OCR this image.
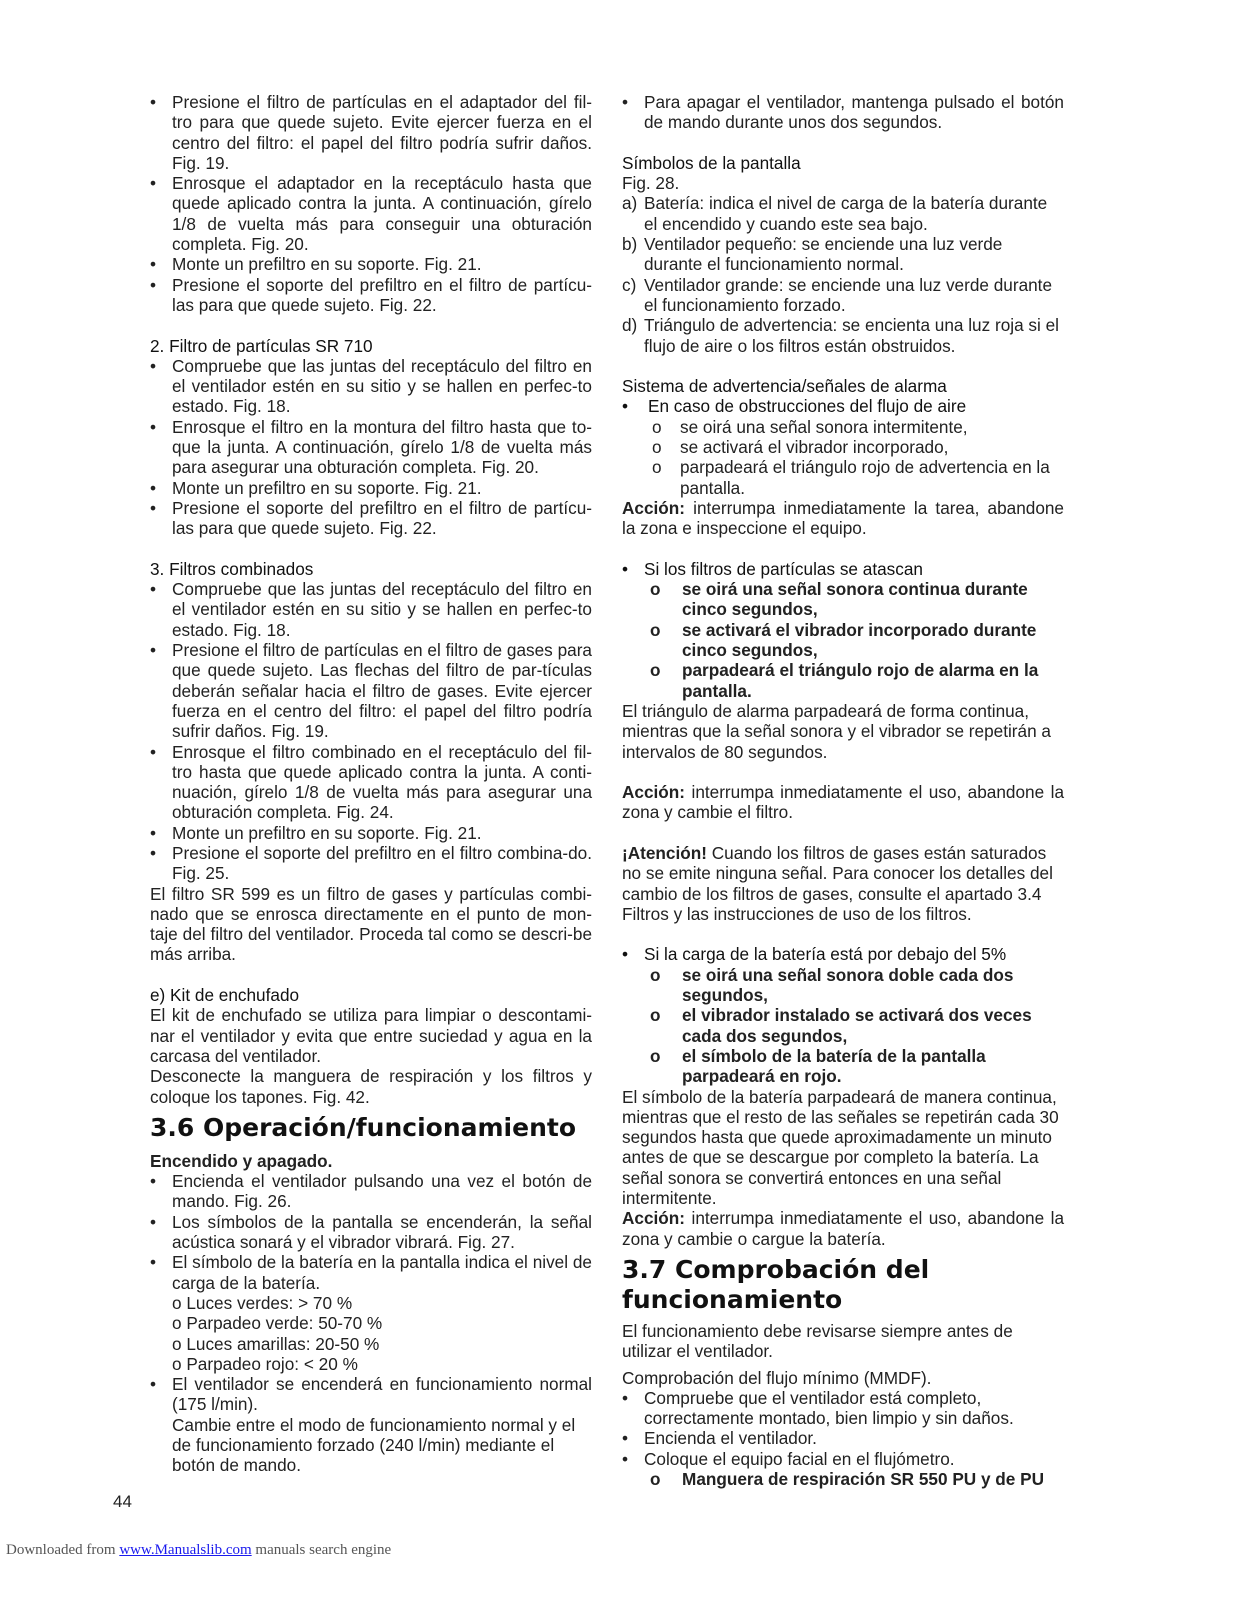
• Presione el filtro de partículas en el adaptador del fil-tro para que quede sujeto. Evite ejercer fuerza en el centro del filtro: el papel del filtro podría sufrir daños. Fig. 19.

• Enrosque el adaptador en la receptáculo hasta que quede aplicado contra la junta. A continuación, gírelo 1/8 de vuelta más para conseguir una obturación completa. Fig. 20.

• Monte un prefiltro en su soporte. Fig. 21.

• Presione el soporte del prefiltro en el filtro de partícu-las para que quede sujeto. Fig. 22.

2. Filtro de partículas SR 710

• Compruebe que las juntas del receptáculo del filtro en el ventilador estén en su sitio y se hallen en perfec-to estado. Fig. 18.

• Enrosque el filtro en la montura del filtro hasta que to-que la junta. A continuación, gírelo 1/8 de vuelta más para asegurar una obturación completa. Fig. 20.

• Monte un prefiltro en su soporte. Fig. 21.

• Presione el soporte del prefiltro en el filtro de partícu-las para que quede sujeto. Fig. 22.

3. Filtros combinados

• Compruebe que las juntas del receptáculo del filtro en el ventilador estén en su sitio y se hallen en perfec-to estado. Fig. 18.

• Presione el filtro de partículas en el filtro de gases para que quede sujeto. Las flechas del filtro de par-tículas deberán señalar hacia el filtro de gases. Evite ejercer fuerza en el centro del filtro: el papel del filtro podría sufrir daños. Fig. 19.

• Enrosque el filtro combinado en el receptáculo del fil-tro hasta que quede aplicado contra la junta. A conti-nuación, gírelo 1/8 de vuelta más para asegurar una obturación completa. Fig. 24.

• Monte un prefiltro en su soporte. Fig. 21.

• Presione el soporte del prefiltro en el filtro combina-do. Fig. 25.

El filtro SR 599 es un filtro de gases y partículas combi-nado que se enrosca directamente en el punto de mon-taje del filtro del ventilador. Proceda tal como se descri-be más arriba.

e) Kit de enchufado

El kit de enchufado se utiliza para limpiar o descontami-nar el ventilador y evita que entre suciedad y agua en la carcasa del ventilador.

Desconecte la manguera de respiración y los filtros y coloque los tapones. Fig. 42.

3.6 Operación/funcionamiento

Encendido y apagado.

• Encienda el ventilador pulsando una vez el botón de mando. Fig. 26.

• Los símbolos de la pantalla se encenderán, la señal acústica sonará y el vibrador vibrará. Fig. 27.

• El símbolo de la batería en la pantalla indica el nivel de carga de la batería.

o Luces verdes: > 70 %

o Parpadeo verde: 50-70 %

o Luces amarillas: 20-50 %

o Parpadeo rojo: < 20 %

• El ventilador se encenderá en funcionamiento normal (175 l/min).

Cambie entre el modo de funcionamiento normal y el de funcionamiento forzado (240 l/min) mediante el botón de mando.

• Para apagar el ventilador, mantenga pulsado el botón de mando durante unos dos segundos.

Símbolos de la pantalla

Fig. 28.

a) Batería: indica el nivel de carga de la batería durante el encendido y cuando este sea bajo.

b) Ventilador pequeño: se enciende una luz verde durante el funcionamiento normal.

c) Ventilador grande: se enciende una luz verde durante el funcionamiento forzado.

d) Triángulo de advertencia: se encienta una luz roja si el flujo de aire o los filtros están obstruidos.

Sistema de advertencia/señales de alarma

• En caso de obstrucciones del flujo de aire

o se oirá una señal sonora intermitente,

o se activará el vibrador incorporado,

o parpadeará el triángulo rojo de advertencia en la pantalla.

Acción: interrumpa inmediatamente la tarea, abandone la zona e inspeccione el equipo.

• Si los filtros de partículas se atascan

o se oirá una señal sonora continua durante cinco segundos,

o se activará el vibrador incorporado durante cinco segundos,

o parpadeará el triángulo rojo de alarma en la pantalla.

El triángulo de alarma parpadeará de forma continua, mientras que la señal sonora y el vibrador se repetirán a intervalos de 80 segundos.

Acción: interrumpa inmediatamente el uso, abandone la zona y cambie el filtro.

¡Atención! Cuando los filtros de gases están saturados no se emite ninguna señal. Para conocer los detalles del cambio de los filtros de gases, consulte el apartado 3.4 Filtros y las instrucciones de uso de los filtros.

• Si la carga de la batería está por debajo del 5%

o se oirá una señal sonora doble cada dos segundos,

o el vibrador instalado se activará dos veces cada dos segundos,

o el símbolo de la batería de la pantalla parpadeará en rojo.

El símbolo de la batería parpadeará de manera continua, mientras que el resto de las señales se repetirán cada 30 segundos hasta que quede aproximadamente un minuto antes de que se descargue por completo la batería. La señal sonora se convertirá entonces en una señal intermitente.

Acción: interrumpa inmediatamente el uso, abandone la zona y cambie o cargue la batería.

3.7 Comprobación del
funcionamiento

El funcionamiento debe revisarse siempre antes de utilizar el ventilador.

Comprobación del flujo mínimo (MMDF).

• Compruebe que el ventilador está completo, correctamente montado, bien limpio y sin daños.

• Encienda el ventilador.

• Coloque el equipo facial en el flujómetro.

o Manguera de respiración SR 550 PU y de PU

44
Downloaded from www.Manualslib.com manuals search engine
